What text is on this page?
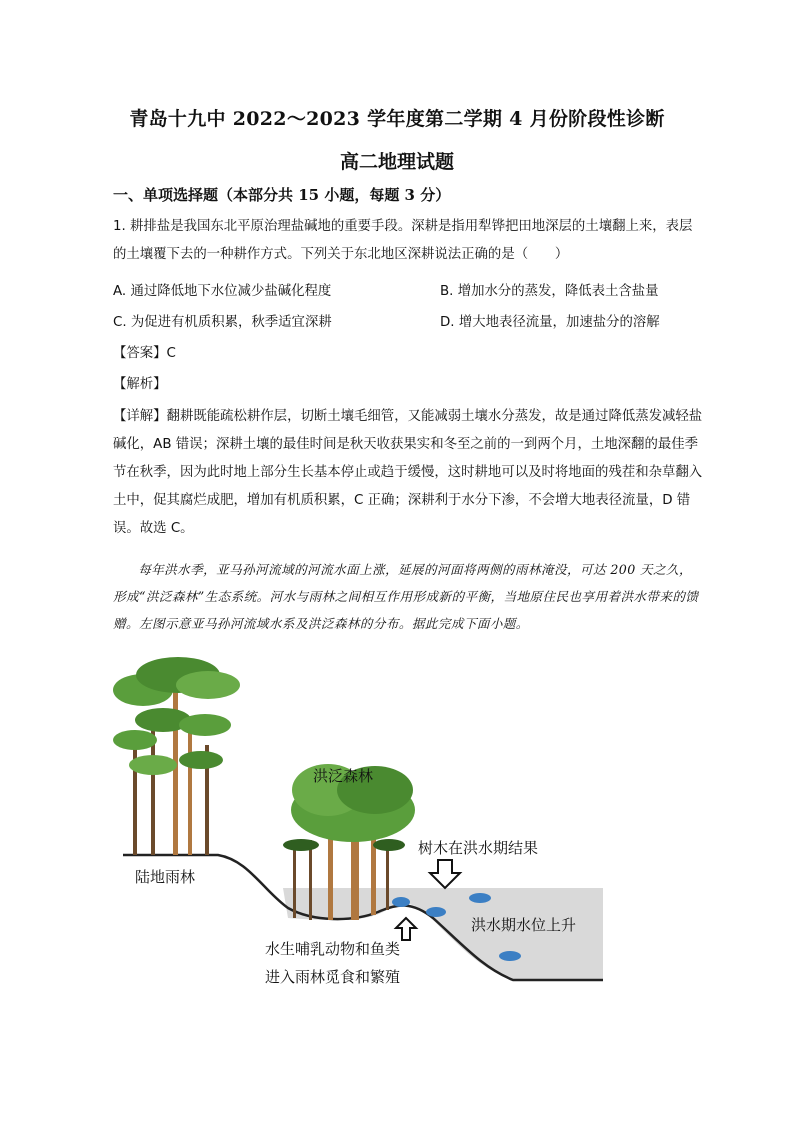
青岛十九中 2022～2023 学年度第二学期 4 月份阶段性诊断
高二地理试题
一、单项选择题（本部分共 15 小题，每题 3 分）
1. 耕排盐是我国东北平原治理盐碱地的重要手段。深耕是指用犁铧把田地深层的土壤翻上来，表层的土壤覆下去的一种耕作方式。下列关于东北地区深耕说法正确的是（　　）
A. 通过降低地下水位减少盐碱化程度	B. 增加水分的蒸发，降低表土含盐量
C. 为促进有机质积累，秋季适宜深耕	D. 增大地表径流量，加速盐分的溶解
【答案】C
【解析】
【详解】翻耕既能疏松耕作层，切断土壤毛细管，又能减弱土壤水分蒸发，故是通过降低蒸发减轻盐碱化，AB 错误；深耕土壤的最佳时间是秋天收获果实和冬至之前的一到两个月，土地深翻的最佳季节在秋季，因为此时地上部分生长基本停止或趋于缓慢，这时耕地可以及时将地面的残茬和杂草翻入土中，促其腐烂成肥，增加有机质积累，C 正确；深耕利于水分下渗，不会增大地表径流量，D 错误。故选 C。
每年洪水季，亚马孙河流域的河流水面上涨，延展的河面将两侧的雨林淹没，可达 200 天之久，形成“洪泛森林”生态系统。河水与雨林之间相互作用形成新的平衡，当地原住民也享用着洪水带来的馈赠。左图示意亚马孙河流域水系及洪泛森林的分布。据此完成下面小题。
陆地雨林
洪泛森林
树木在洪水期结果
洪水期水位上升
水生哺乳动物和鱼类
进入雨林觅食和繁殖
